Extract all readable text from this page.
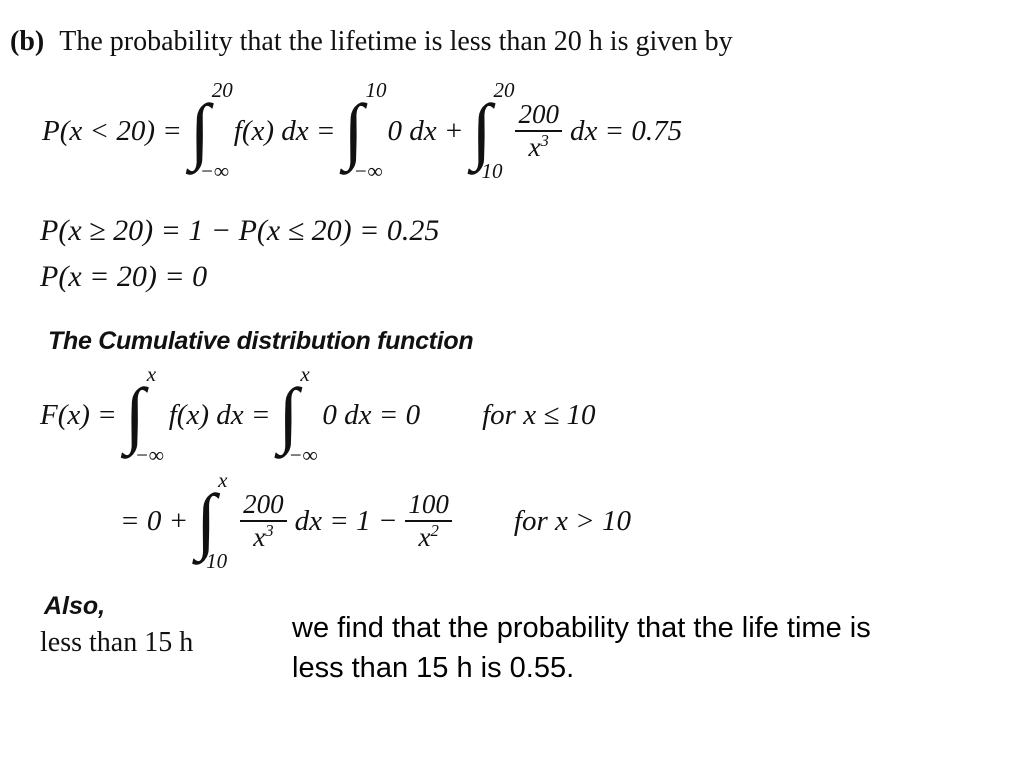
(b) The probability that the lifetime is less than 20 h is given by
P(x < 20) = ∫ 20
−∞
f(x) dx = ∫ 10
−∞
0 dx + ∫ 20
10
$\frac{200}{x^3}$ dx = 0.75
P(x ≥ 20) = 1 − P(x ≤ 20) = 0.25
P(x = 20) = 0
The Cumulative distribution function
F(x) = ∫ x
−∞
f(x) dx = ∫ x
−∞
0 dx = 0 for x ≤ 10
= 0 + ∫ x
10
$\frac{200}{x^3}$ dx = $1 - \frac{100}{x^2}$ for x > 10
Also,
less than 15 h	we find that the probability that the life time is
less than 15 h is 0.55.
